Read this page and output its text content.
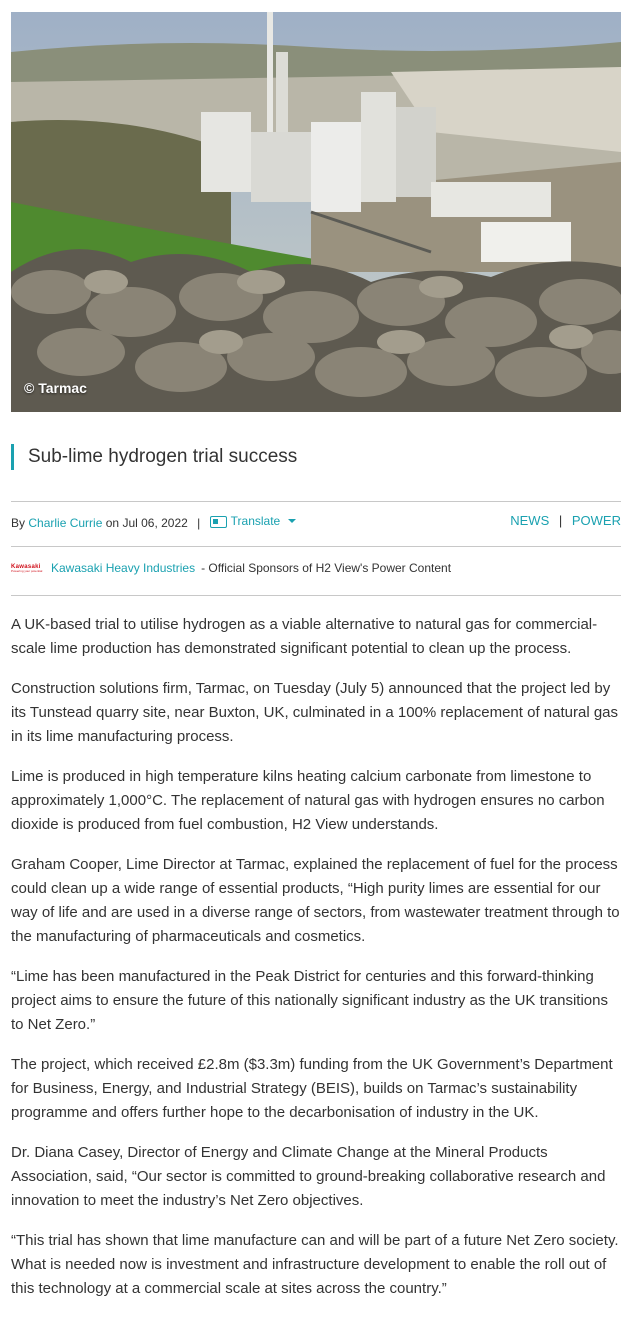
© Tarmac
Sub-lime hydrogen trial success
By Charlie Currie on Jul 06, 2022 |	Translate	NEWS | POWER
Kawasaki
Powering your potential Kawasaki Heavy Industries - Official Sponsors of H2 View's Power Content

A UK-based trial to utilise hydrogen as a viable alternative to natural gas for commercial-scale lime production has demonstrated significant potential to clean up the process.

Construction solutions firm, Tarmac, on Tuesday (July 5) announced that the project led by its Tunstead quarry site, near Buxton, UK, culminated in a 100% replacement of natural gas in its lime manufacturing process.

Lime is produced in high temperature kilns heating calcium carbonate from limestone to approximately 1,000°C. The replacement of natural gas with hydrogen ensures no carbon dioxide is produced from fuel combustion, H2 View understands.

Graham Cooper, Lime Director at Tarmac, explained the replacement of fuel for the process could clean up a wide range of essential products, “High purity limes are essential for our way of life and are used in a diverse range of sectors, from wastewater treatment through to the manufacturing of pharmaceuticals and cosmetics.

“Lime has been manufactured in the Peak District for centuries and this forward-thinking project aims to ensure the future of this nationally significant industry as the UK transitions to Net Zero.”

The project, which received £2.8m ($3.3m) funding from the UK Government’s Department for Business, Energy, and Industrial Strategy (BEIS), builds on Tarmac’s sustainability programme and offers further hope to the decarbonisation of industry in the UK.

Dr. Diana Casey, Director of Energy and Climate Change at the Mineral Products Association, said, “Our sector is committed to ground-breaking collaborative research and innovation to meet the industry’s Net Zero objectives.

“This trial has shown that lime manufacture can and will be part of a future Net Zero society. What is needed now is investment and infrastructure development to enable the roll out of this technology at a commercial scale at sites across the country.”
